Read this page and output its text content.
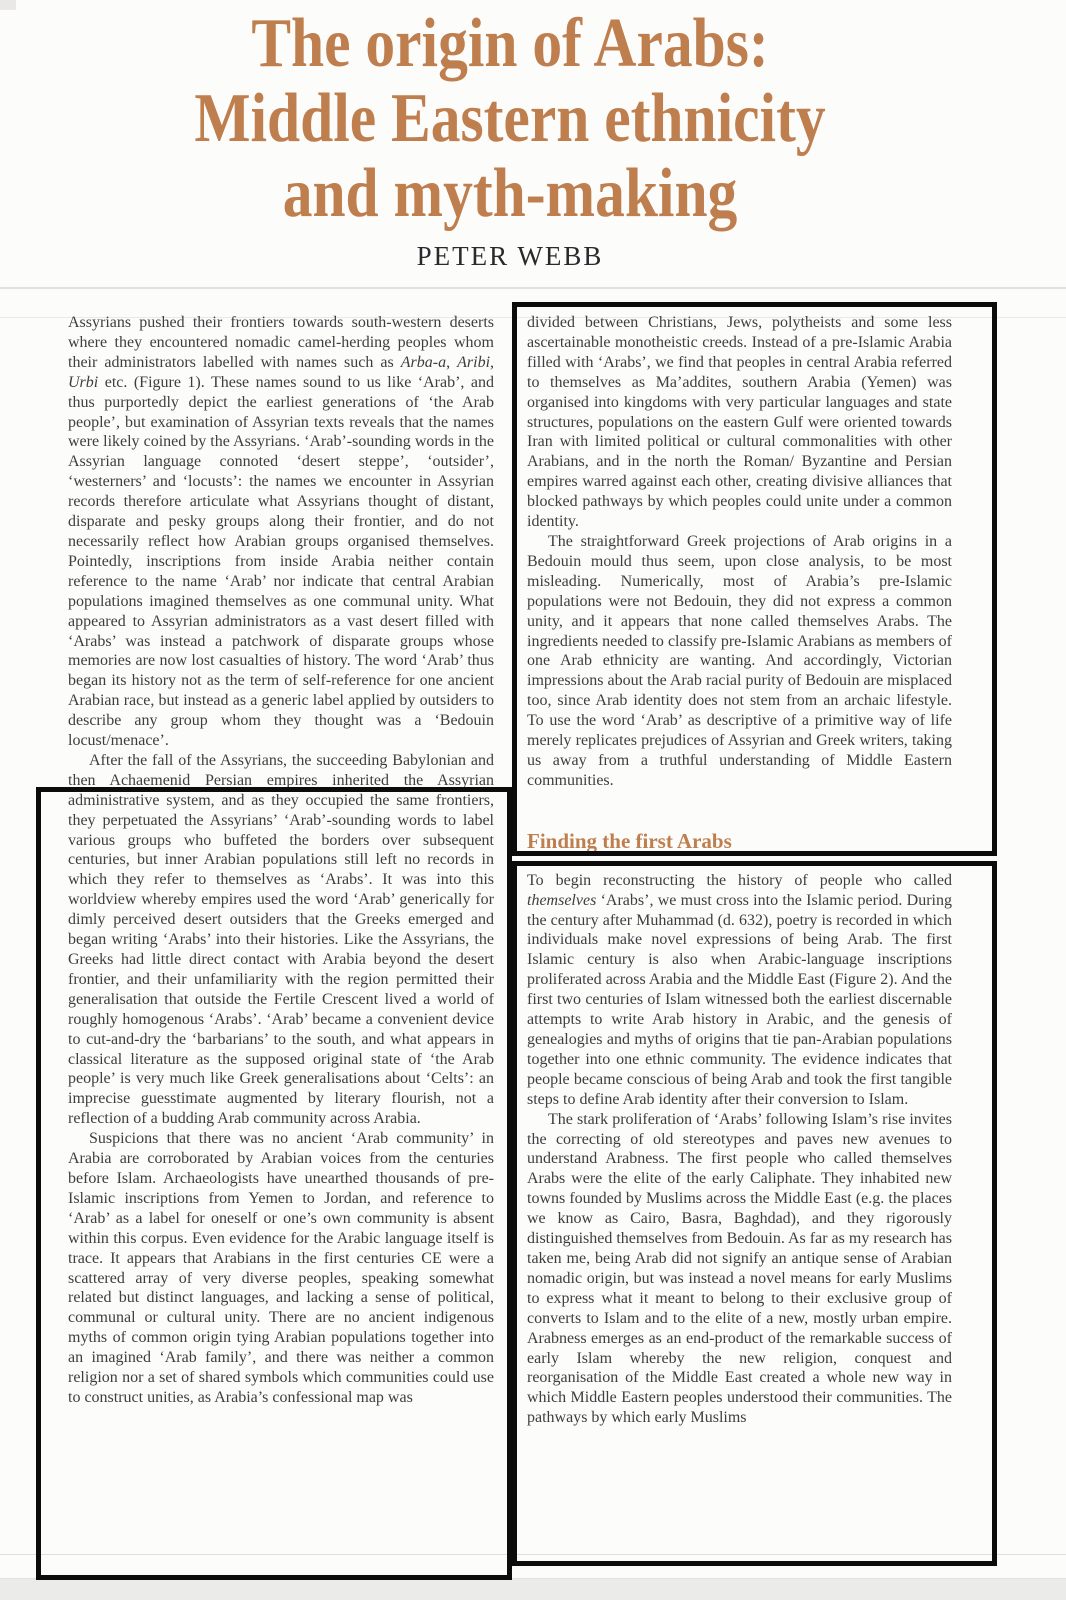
The origin of Arabs:
Middle Eastern ethnicity
and myth-making
PETER WEBB

Assyrians pushed their frontiers towards south-western deserts where they encountered nomadic camel-herding peoples whom their administrators labelled with names such as Arba-a, Aribi, Urbi etc. (Figure 1). These names sound to us like ‘Arab’, and thus purportedly depict the earliest generations of ‘the Arab people’, but examination of Assyrian texts reveals that the names were likely coined by the Assyrians. ‘Arab’-sounding words in the Assyrian language connoted ‘desert steppe’, ‘outsider’, ‘westerners’ and ‘locusts’: the names we encounter in Assyrian records therefore articulate what Assyrians thought of distant, disparate and pesky groups along their frontier, and do not necessarily reflect how Arabian groups organised themselves. Pointedly, inscriptions from inside Arabia neither contain reference to the name ‘Arab’ nor indicate that central Arabian populations imagined themselves as one communal unity. What appeared to Assyrian administrators as a vast desert filled with ‘Arabs’ was instead a patchwork of disparate groups whose memories are now lost casualties of history. The word ‘Arab’ thus began its history not as the term of self-reference for one ancient Arabian race, but instead as a generic label applied by outsiders to describe any group whom they thought was a ‘Bedouin locust/menace’.

After the fall of the Assyrians, the succeeding Babylonian and then Achaemenid Persian empires inherited the Assyrian administrative system, and as they occupied the same frontiers, they perpetuated the Assyrians’ ‘Arab’-sounding words to label various groups who buffeted the borders over subsequent centuries, but inner Arabian populations still left no records in which they refer to themselves as ‘Arabs’. It was into this worldview whereby empires used the word ‘Arab’ generically for dimly perceived desert outsiders that the Greeks emerged and began writing ‘Arabs’ into their histories. Like the Assyrians, the Greeks had little direct contact with Arabia beyond the desert frontier, and their unfamiliarity with the region permitted their generalisation that outside the Fertile Crescent lived a world of roughly homogenous ‘Arabs’. ‘Arab’ became a convenient device to cut-and-dry the ‘barbarians’ to the south, and what appears in classical literature as the supposed original state of ‘the Arab people’ is very much like Greek generalisations about ‘Celts’: an imprecise guesstimate augmented by literary flourish, not a reflection of a budding Arab community across Arabia.

Suspicions that there was no ancient ‘Arab community’ in Arabia are corroborated by Arabian voices from the centuries before Islam. Archaeologists have unearthed thousands of pre-Islamic inscriptions from Yemen to Jordan, and reference to ‘Arab’ as a label for oneself or one’s own community is absent within this corpus. Even evidence for the Arabic language itself is trace. It appears that Arabians in the first centuries CE were a scattered array of very diverse peoples, speaking somewhat related but distinct languages, and lacking a sense of political, communal or cultural unity. There are no ancient indigenous myths of common origin tying Arabian populations together into an imagined ‘Arab family’, and there was neither a common religion nor a set of shared symbols which communities could use to construct unities, as Arabia’s confessional map was

divided between Christians, Jews, polytheists and some less ascertainable monotheistic creeds. Instead of a pre-Islamic Arabia filled with ‘Arabs’, we find that peoples in central Arabia referred to themselves as Ma’addites, southern Arabia (Yemen) was organised into kingdoms with very particular languages and state structures, populations on the eastern Gulf were oriented towards Iran with limited political or cultural commonalities with other Arabians, and in the north the Roman/ Byzantine and Persian empires warred against each other, creating divisive alliances that blocked pathways by which peoples could unite under a common identity.

The straightforward Greek projections of Arab origins in a Bedouin mould thus seem, upon close analysis, to be most misleading. Numerically, most of Arabia’s pre-Islamic populations were not Bedouin, they did not express a common unity, and it appears that none called themselves Arabs. The ingredients needed to classify pre-Islamic Arabians as members of one Arab ethnicity are wanting. And accordingly, Victorian impressions about the Arab racial purity of Bedouin are misplaced too, since Arab identity does not stem from an archaic lifestyle. To use the word ‘Arab’ as descriptive of a primitive way of life merely replicates prejudices of Assyrian and Greek writers, taking us away from a truthful understanding of Middle Eastern communities.

Finding the first Arabs

To begin reconstructing the history of people who called themselves ‘Arabs’, we must cross into the Islamic period. During the century after Muhammad (d. 632), poetry is recorded in which individuals make novel expressions of being Arab. The first Islamic century is also when Arabic-language inscriptions proliferated across Arabia and the Middle East (Figure 2). And the first two centuries of Islam witnessed both the earliest discernable attempts to write Arab history in Arabic, and the genesis of genealogies and myths of origins that tie pan-Arabian populations together into one ethnic community. The evidence indicates that people became conscious of being Arab and took the first tangible steps to define Arab identity after their conversion to Islam.

The stark proliferation of ‘Arabs’ following Islam’s rise invites the correcting of old stereotypes and paves new avenues to understand Arabness. The first people who called themselves Arabs were the elite of the early Caliphate. They inhabited new towns founded by Muslims across the Middle East (e.g. the places we know as Cairo, Basra, Baghdad), and they rigorously distinguished themselves from Bedouin. As far as my research has taken me, being Arab did not signify an antique sense of Arabian nomadic origin, but was instead a novel means for early Muslims to express what it meant to belong to their exclusive group of converts to Islam and to the elite of a new, mostly urban empire. Arabness emerges as an end-product of the remarkable success of early Islam whereby the new religion, conquest and reorganisation of the Middle East created a whole new way in which Middle Eastern peoples understood their communities. The pathways by which early Muslims
